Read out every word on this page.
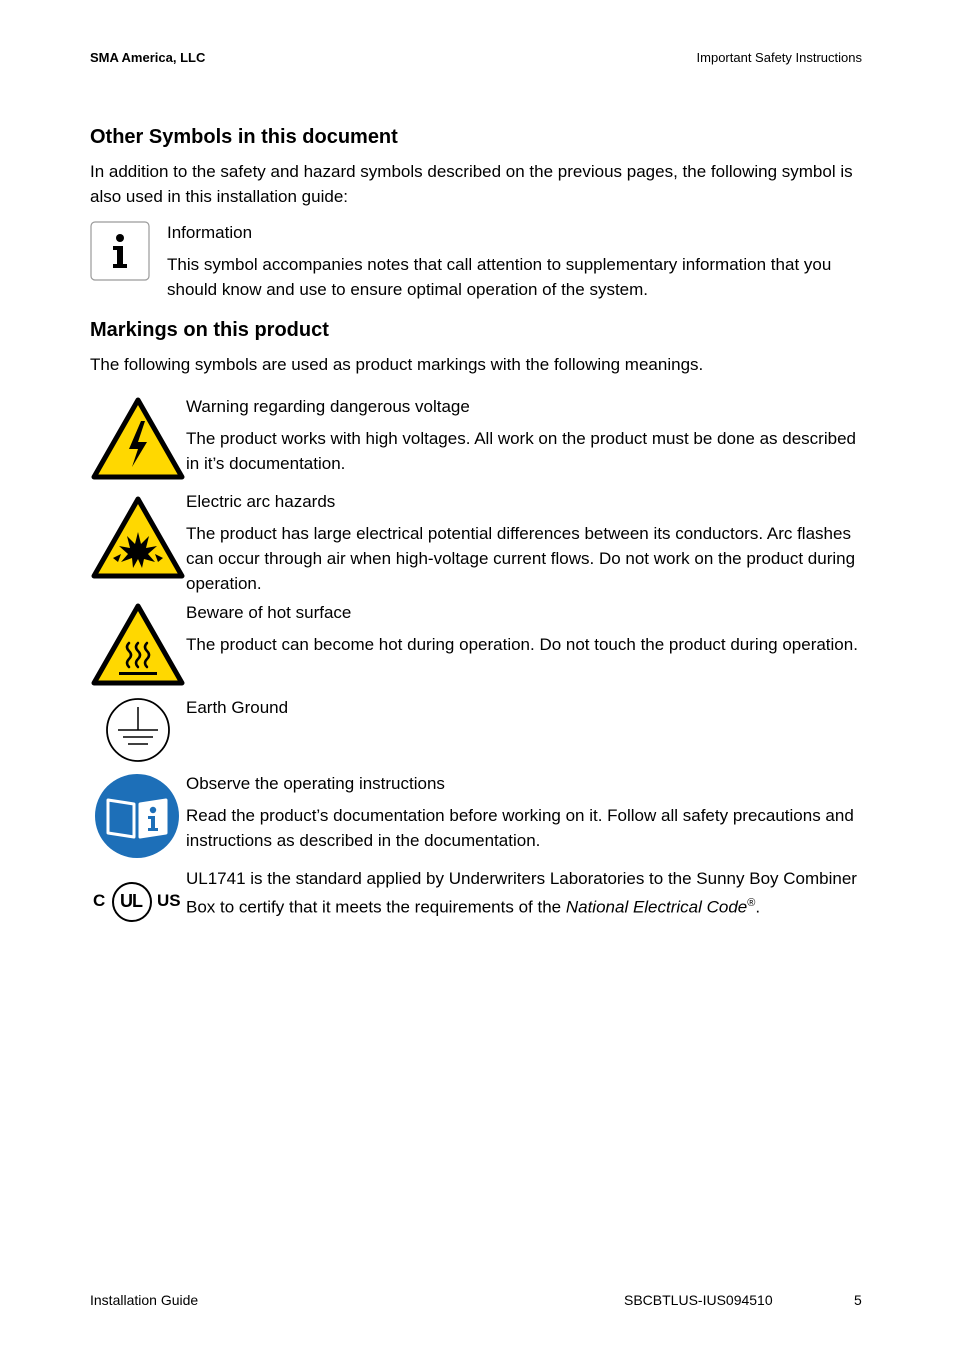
SMA America, LLC	Important Safety Instructions
Other Symbols in this document
In addition to the safety and hazard symbols described on the previous pages, the following symbol is also used in this installation guide:
Information
This symbol accompanies notes that call attention to supplementary information that you should know and use to ensure optimal operation of the system.
Markings on this product
The following symbols are used as product markings with the following meanings.
Warning regarding dangerous voltage
The product works with high voltages. All work on the product must be done as described in it’s documentation.
Electric arc hazards
The product has large electrical potential differences between its conductors. Arc flashes can occur through air when high-voltage current flows. Do not work on the product during operation.
Beware of hot surface
The product can become hot during operation. Do not touch the product during operation.
Earth Ground
Observe the operating instructions
Read the product’s documentation before working on it. Follow all safety precautions and instructions as described in the documentation.
C UL US
UL1741 is the standard applied by Underwriters Laboratories to the Sunny Boy Combiner Box to certify that it meets the requirements of the National Electrical Code®.
Installation Guide	SBCBTLUS-IUS094510	5
